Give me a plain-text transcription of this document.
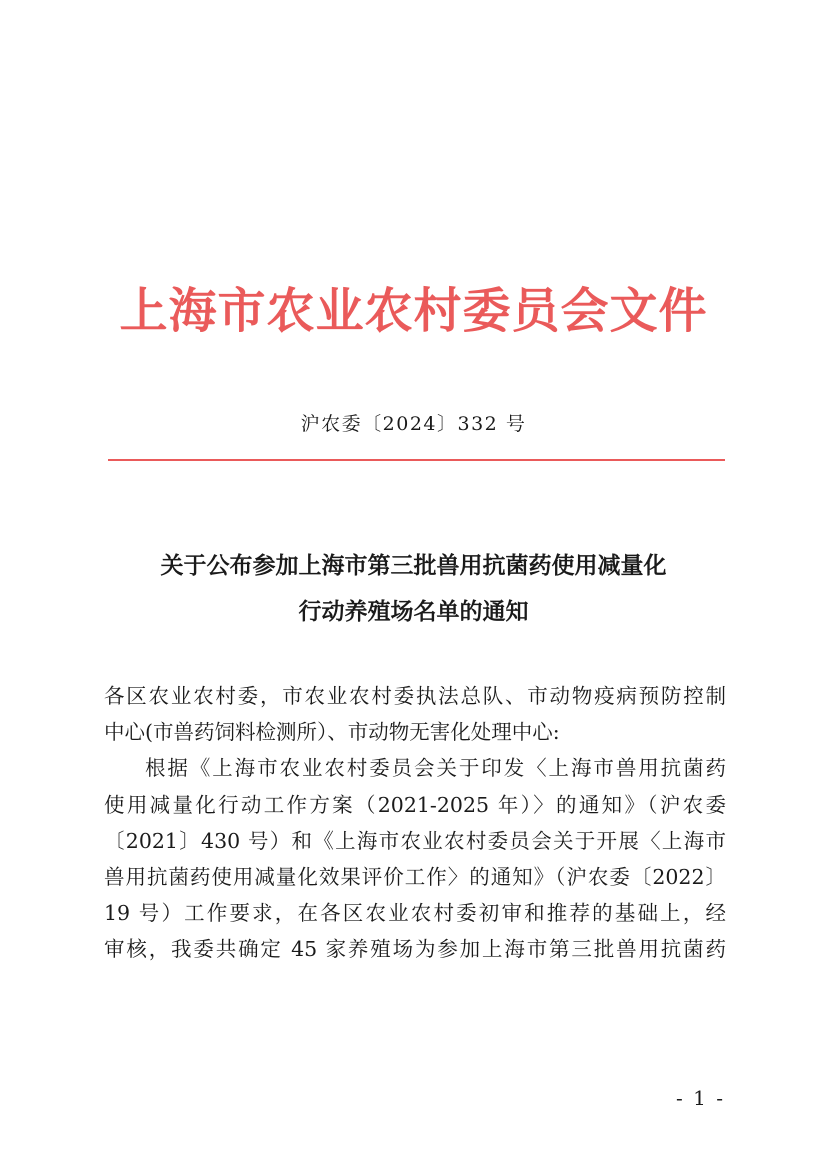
上海市农业农村委员会文件
沪农委〔2024〕332 号
关于公布参加上海市第三批兽用抗菌药使用减量化
行动养殖场名单的通知
各区农业农村委，市农业农村委执法总队、市动物疫病预防控制
中心(市兽药饲料检测所）、市动物无害化处理中心:
根据《上海市农业农村委员会关于印发〈上海市兽用抗菌药
使用减量化行动工作方案（2021-2025 年）〉的通知》（沪农委
〔2021〕430 号）和《上海市农业农村委员会关于开展〈上海市
兽用抗菌药使用减量化效果评价工作〉的通知》（沪农委〔2022〕
19 号）工作要求，在各区农业农村委初审和推荐的基础上，经
审核，我委共确定 45 家养殖场为参加上海市第三批兽用抗菌药
- 1 -
